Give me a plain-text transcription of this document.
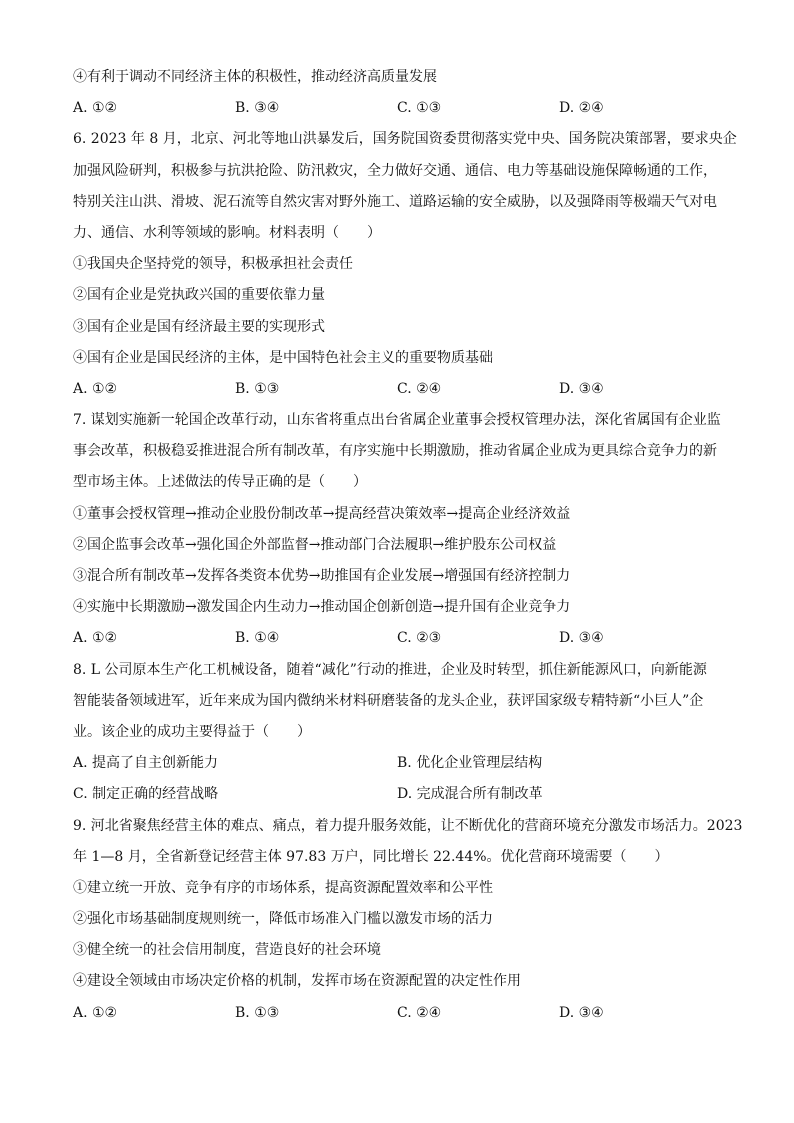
④有利于调动不同经济主体的积极性，推动经济高质量发展
A. ①②	B. ③④	C. ①③	D. ②④
6. 2023 年 8 月，北京、河北等地山洪暴发后，国务院国资委贯彻落实党中央、国务院决策部署，要求央企
加强风险研判，积极参与抗洪抢险、防汛救灾，全力做好交通、通信、电力等基础设施保障畅通的工作，
特别关注山洪、滑坡、泥石流等自然灾害对野外施工、道路运输的安全威胁，以及强降雨等极端天气对电
力、通信、水利等领域的影响。材料表明（　　）
①我国央企坚持党的领导，积极承担社会责任
②国有企业是党执政兴国的重要依靠力量
③国有企业是国有经济最主要的实现形式
④国有企业是国民经济的主体，是中国特色社会主义的重要物质基础
A. ①②	B. ①③	C. ②④	D. ③④
7. 谋划实施新一轮国企改革行动，山东省将重点出台省属企业董事会授权管理办法，深化省属国有企业监
事会改革，积极稳妥推进混合所有制改革，有序实施中长期激励，推动省属企业成为更具综合竞争力的新
型市场主体。上述做法的传导正确的是（　　）
①董事会授权管理→推动企业股份制改革→提高经营决策效率→提高企业经济效益
②国企监事会改革→强化国企外部监督→推动部门合法履职→维护股东公司权益
③混合所有制改革→发挥各类资本优势→助推国有企业发展→增强国有经济控制力
④实施中长期激励→激发国企内生动力→推动国企创新创造→提升国有企业竞争力
A. ①②	B. ①④	C. ②③	D. ③④
8. L 公司原本生产化工机械设备，随着“减化”行动的推进，企业及时转型，抓住新能源风口，向新能源
智能装备领域进军，近年来成为国内微纳米材料研磨装备的龙头企业，获评国家级专精特新“小巨人”企
业。该企业的成功主要得益于（　　）
A. 提高了自主创新能力	B. 优化企业管理层结构
C. 制定正确的经营战略	D. 完成混合所有制改革
9. 河北省聚焦经营主体的难点、痛点，着力提升服务效能，让不断优化的营商环境充分激发市场活力。2023
年 1—8 月，全省新登记经营主体 97.83 万户，同比增长 22.44%。优化营商环境需要（　　）
①建立统一开放、竞争有序的市场体系，提高资源配置效率和公平性
②强化市场基础制度规则统一，降低市场准入门槛以激发市场的活力
③健全统一的社会信用制度，营造良好的社会环境
④建设全领域由市场决定价格的机制，发挥市场在资源配置的决定性作用
A. ①②	B. ①③	C. ②④	D. ③④
